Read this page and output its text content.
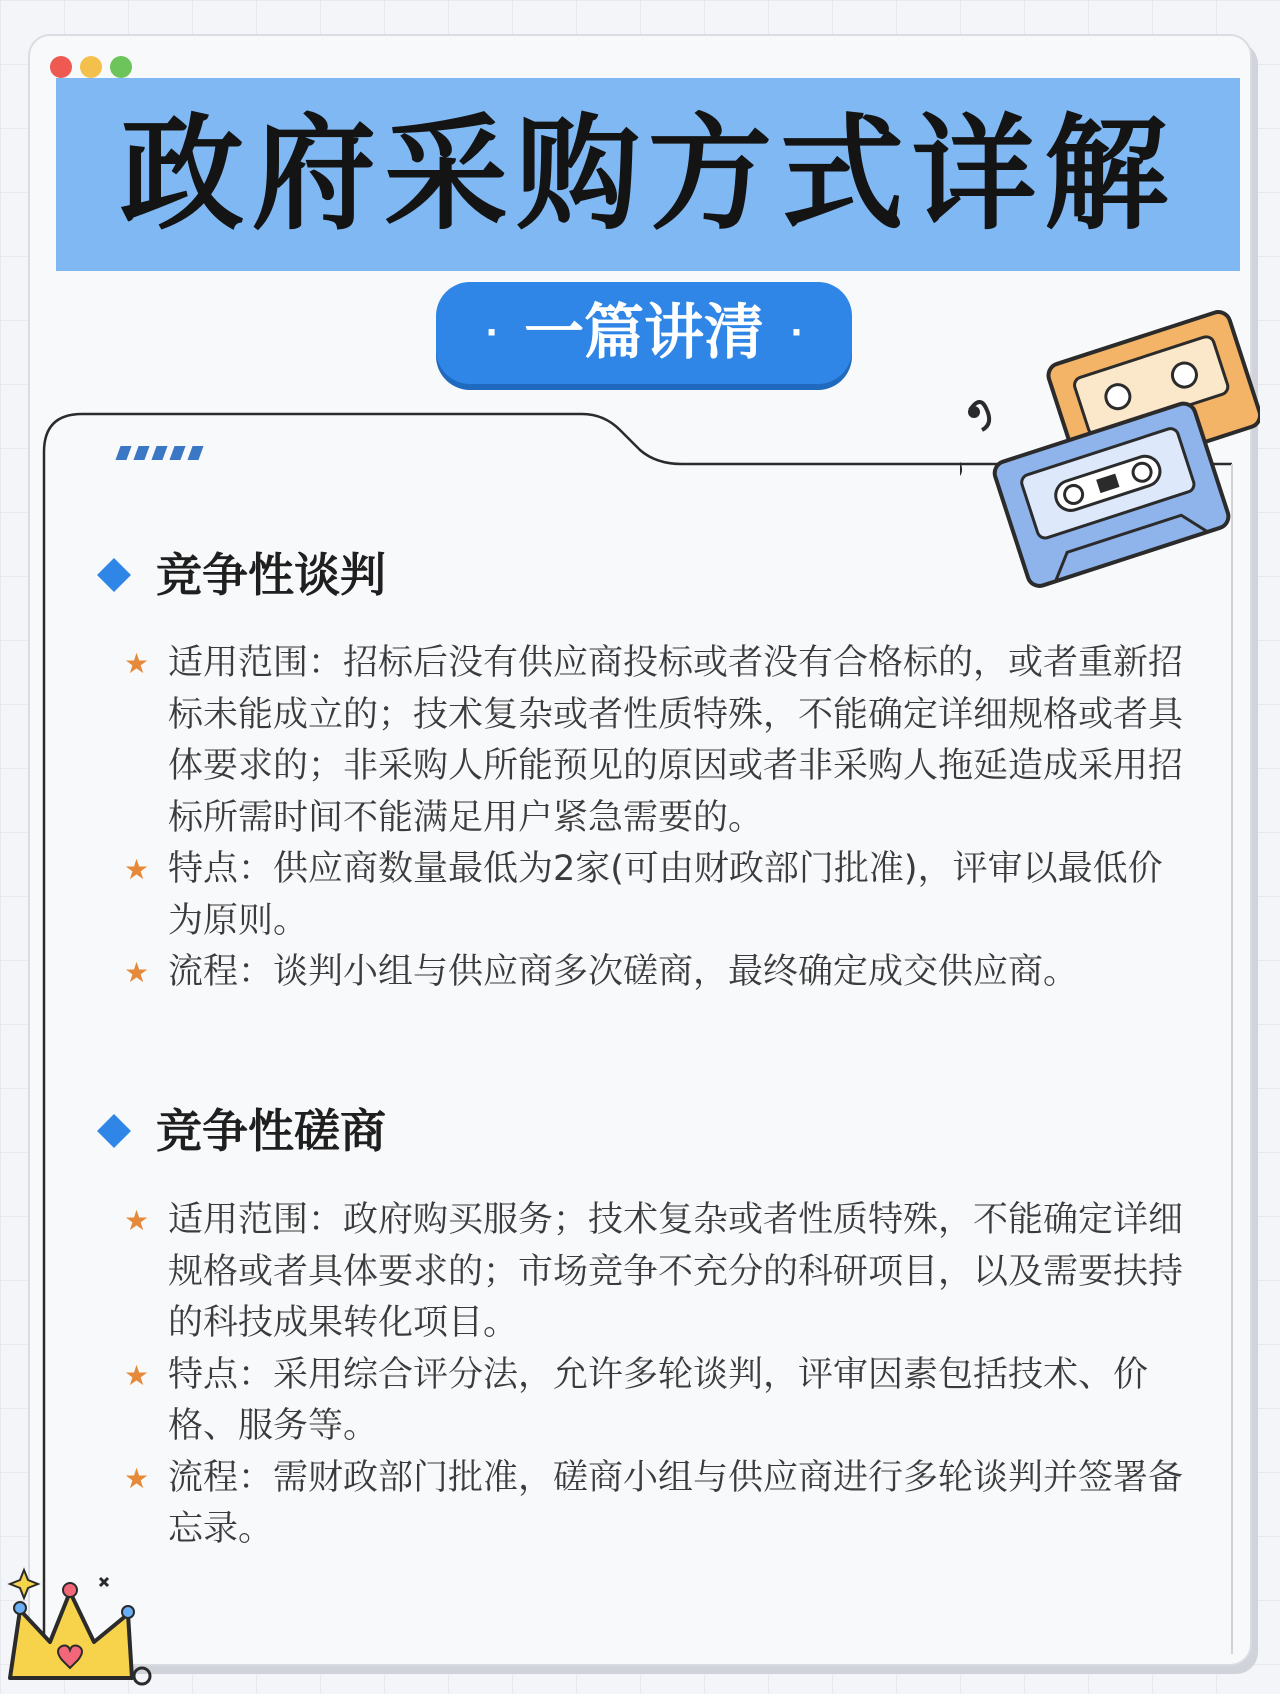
政府采购方式详解
· 一篇讲清 ·
竞争性谈判
★ 适用范围：招标后没有供应商投标或者没有合格标的，或者重新招标未能成立的；技术复杂或者性质特殊，不能确定详细规格或者具体要求的；非采购人所能预见的原因或者非采购人拖延造成采用招标所需时间不能满足用户紧急需要的。
★ 特点：供应商数量最低为2家(可由财政部门批准)，评审以最低价为原则。
★ 流程：谈判小组与供应商多次磋商，最终确定成交供应商。
竞争性磋商
★ 适用范围：政府购买服务；技术复杂或者性质特殊，不能确定详细规格或者具体要求的；市场竞争不充分的科研项目，以及需要扶持的科技成果转化项目。
★ 特点：采用综合评分法，允许多轮谈判，评审因素包括技术、价格、服务等。
★ 流程：需财政部门批准，磋商小组与供应商进行多轮谈判并签署备忘录。
